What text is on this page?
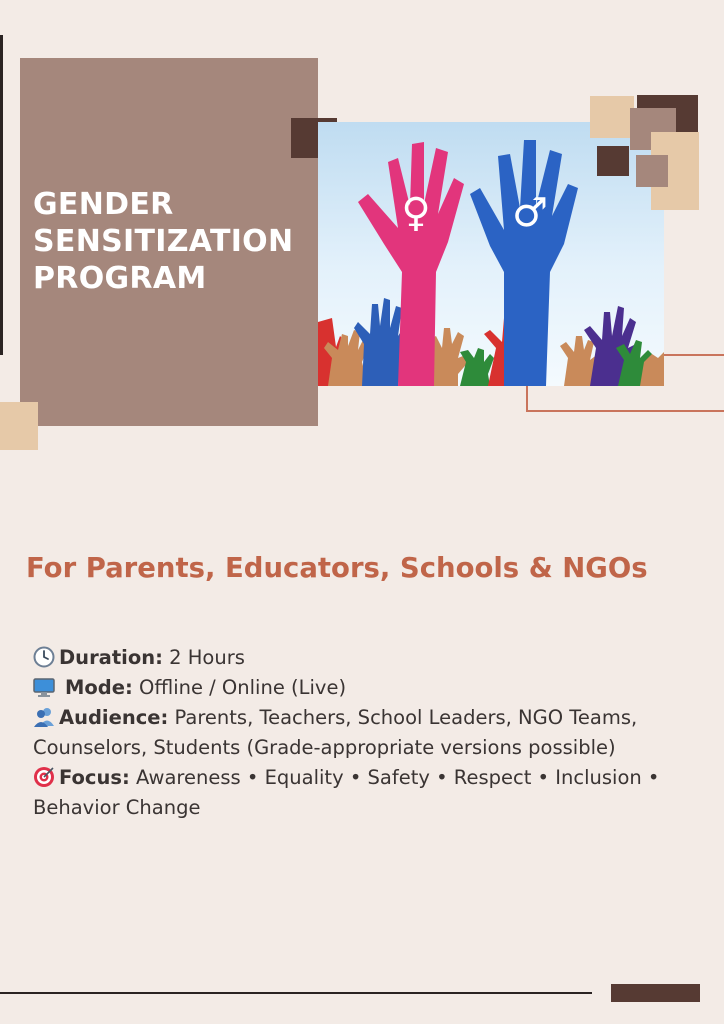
GENDER
SENSITIZATION
PROGRAM
♀ ♂
For Parents, Educators, Schools & NGOs
Duration: 2 Hours
Mode: Offline / Online (Live)
Audience: Parents, Teachers, School Leaders, NGO Teams, Counselors, Students (Grade-appropriate versions possible)
Focus: Awareness • Equality • Safety • Respect • Inclusion • Behavior Change
